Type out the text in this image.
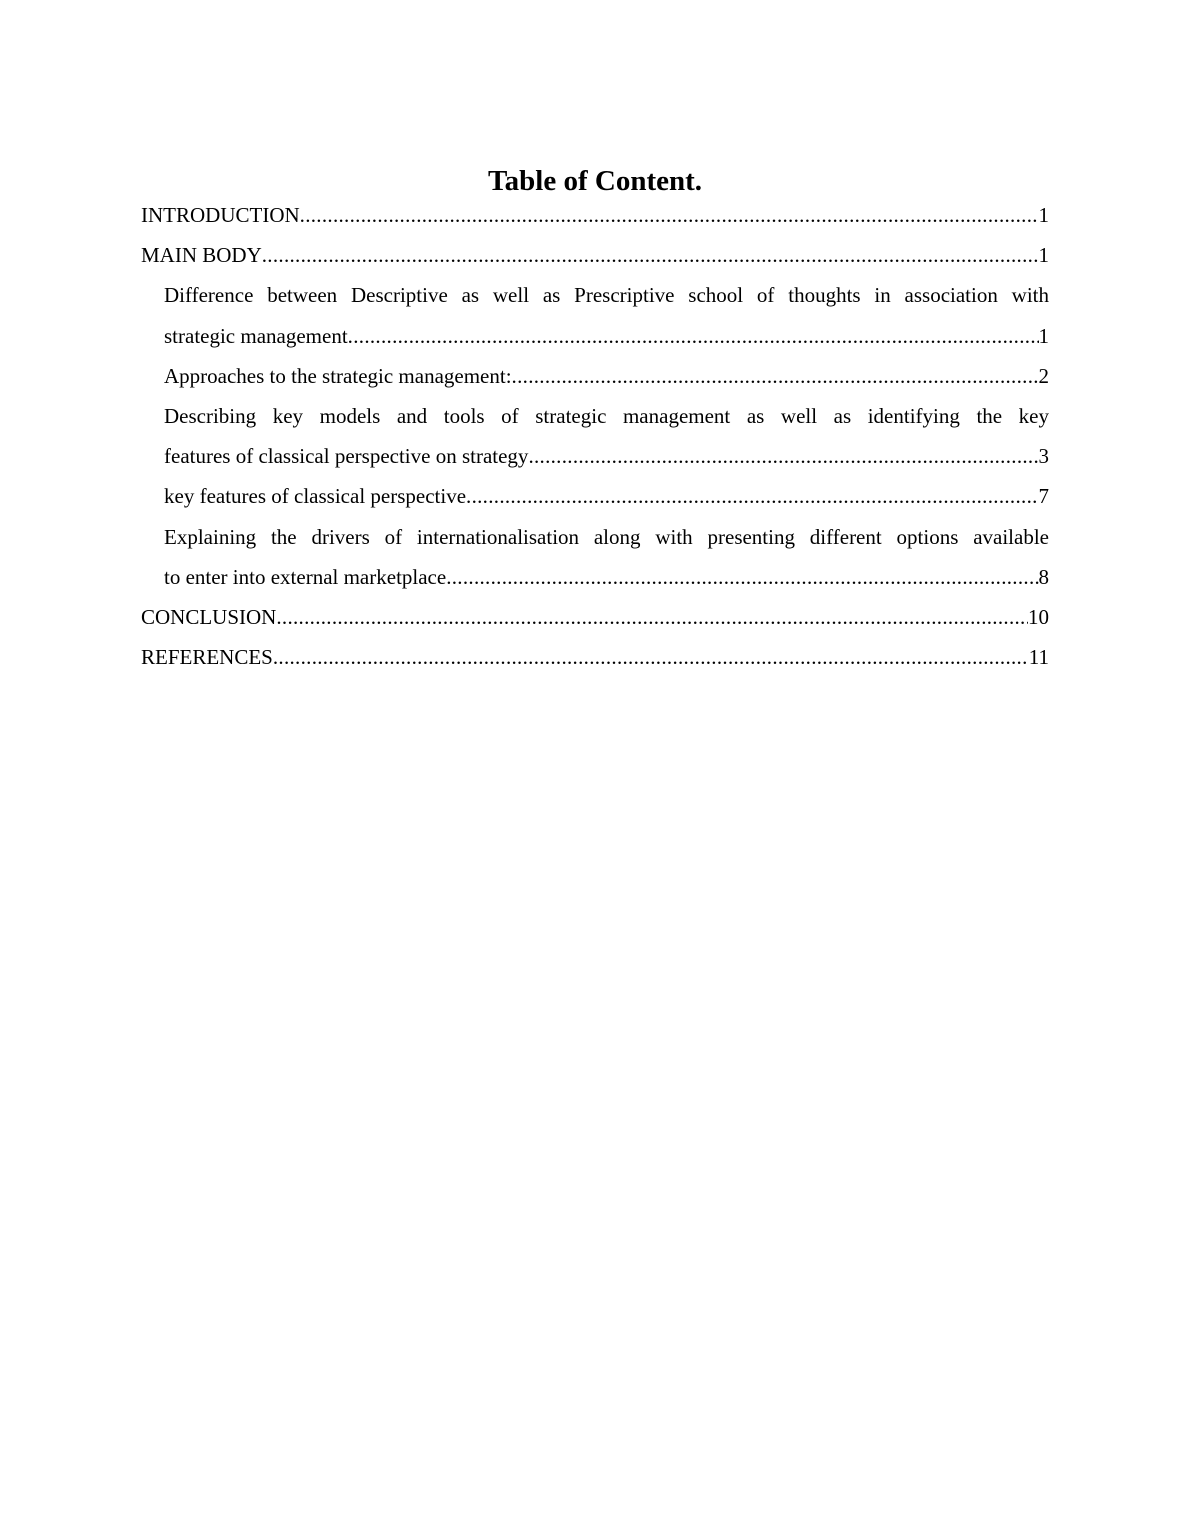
Table of Content.
INTRODUCTION .....	1
MAIN BODY .....	1
Difference between Descriptive as well as Prescriptive school of thoughts in association with
strategic management .....	1
Approaches to the strategic management: .....	2
Describing key models and tools of strategic management as well as identifying the key
features of classical perspective on strategy .....	3
key features of classical perspective .....	7
Explaining the drivers of internationalisation along with presenting different options available
to enter into external marketplace .....	8
CONCLUSION .....	10
REFERENCES .....	11
